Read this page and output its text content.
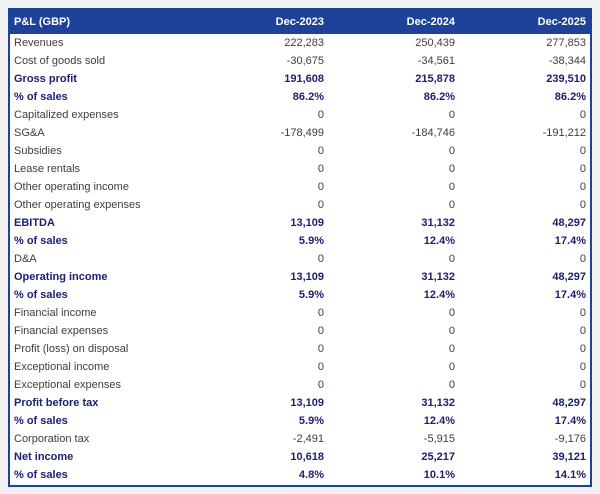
P&L (GBP)	Dec-2023	Dec-2024	Dec-2025
Revenues	222,283	250,439	277,853
Cost of goods sold	-30,675	-34,561	-38,344
Gross profit	191,608	215,878	239,510
% of sales	86.2%	86.2%	86.2%
Capitalized expenses	0	0	0
SG&A	-178,499	-184,746	-191,212
Subsidies	0	0	0
Lease rentals	0	0	0
Other operating income	0	0	0
Other operating expenses	0	0	0
EBITDA	13,109	31,132	48,297
% of sales	5.9%	12.4%	17.4%
D&A	0	0	0
Operating income	13,109	31,132	48,297
% of sales	5.9%	12.4%	17.4%
Financial income	0	0	0
Financial expenses	0	0	0
Profit (loss) on disposal	0	0	0
Exceptional income	0	0	0
Exceptional expenses	0	0	0
Profit before tax	13,109	31,132	48,297
% of sales	5.9%	12.4%	17.4%
Corporation tax	-2,491	-5,915	-9,176
Net income	10,618	25,217	39,121
% of sales	4.8%	10.1%	14.1%
